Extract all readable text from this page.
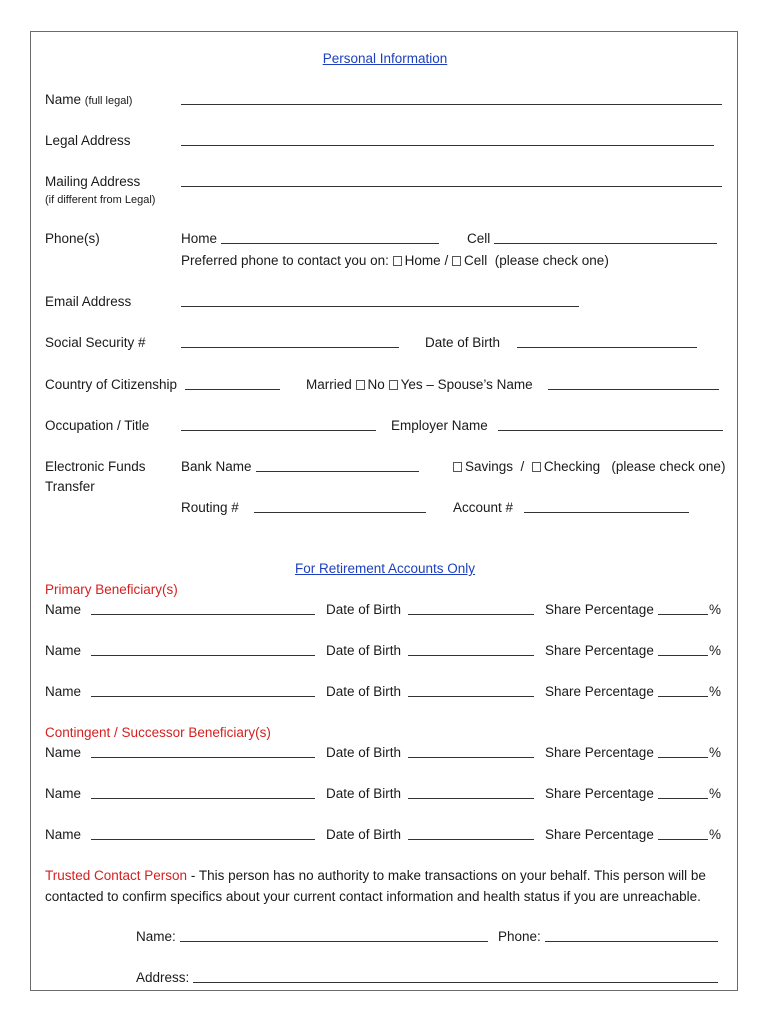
Personal Information
Name (full legal)
Legal Address
Mailing Address
(if different from Legal)
Phone(s)	Home	Cell
Preferred phone to contact you on: Home / Cell (please check one)
Email Address
Social Security #	Date of Birth
Country of Citizenship	Married No Yes – Spouse’s Name
Occupation / Title	Employer Name
Electronic Funds
Transfer
Bank Name	Savings / Checking (please check one)
Routing #	Account #
For Retirement Accounts Only
Primary Beneficiary(s)
Name	Date of Birth	Share Percentage	%
Name	Date of Birth	Share Percentage	%
Name	Date of Birth	Share Percentage	%
Contingent / Successor Beneficiary(s)
Name	Date of Birth	Share Percentage	%
Name	Date of Birth	Share Percentage	%
Name	Date of Birth	Share Percentage	%
Trusted Contact Person - This person has no authority to make transactions on your behalf. This person will be contacted to confirm specifics about your current contact information and health status if you are unreachable.
Name:	Phone:
Address:
